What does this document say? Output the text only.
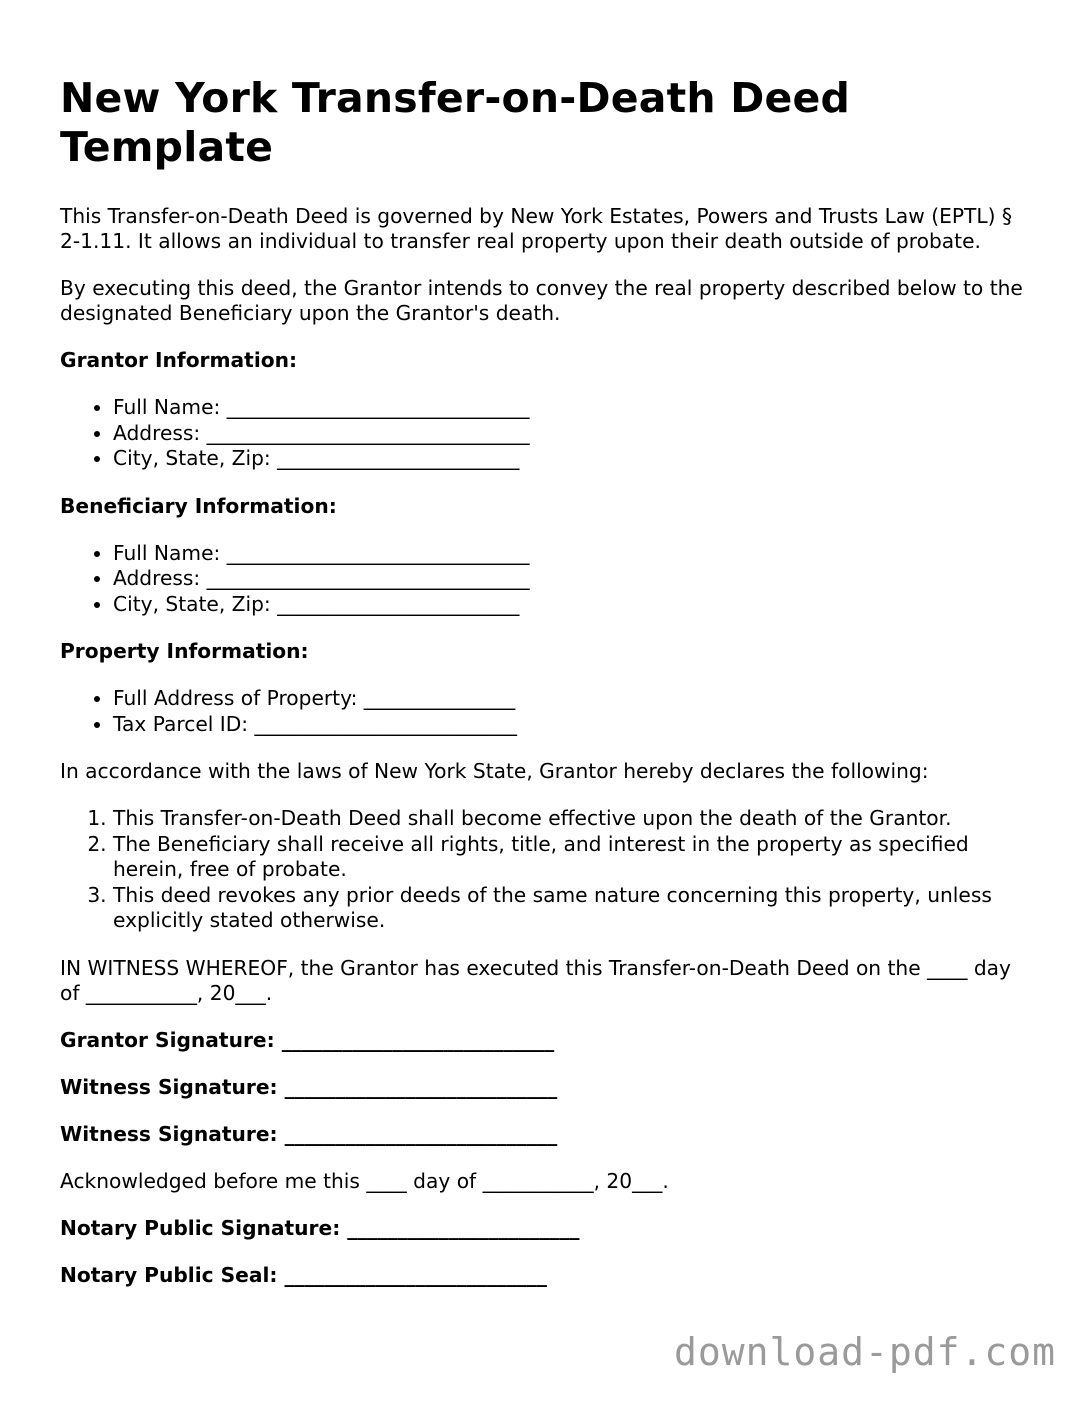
New York Transfer-on-Death Deed Template

This Transfer-on-Death Deed is governed by New York Estates, Powers and Trusts Law (EPTL) § 2-1.11. It allows an individual to transfer real property upon their death outside of probate.

By executing this deed, the Grantor intends to convey the real property described below to the designated Beneficiary upon the Grantor's death.

Grantor Information:

• Full Name: ______________________________
• Address: ________________________________
• City, State, Zip: ________________________

Beneficiary Information:

• Full Name: ______________________________
• Address: ________________________________
• City, State, Zip: ________________________

Property Information:

• Full Address of Property: _______________
• Tax Parcel ID: __________________________

In accordance with the laws of New York State, Grantor hereby declares the following:

1. This Transfer-on-Death Deed shall become effective upon the death of the Grantor.
2. The Beneficiary shall receive all rights, title, and interest in the property as specified herein, free of probate.
3. This deed revokes any prior deeds of the same nature concerning this property, unless explicitly stated otherwise.

IN WITNESS WHEREOF, the Grantor has executed this Transfer-on-Death Deed on the ____ day of ___________, 20___.

Grantor Signature: ___________________________

Witness Signature: ___________________________

Witness Signature: ___________________________

Acknowledged before me this ____ day of ___________, 20___.

Notary Public Signature: _______________________

Notary Public Seal: __________________________

download-pdf.com
